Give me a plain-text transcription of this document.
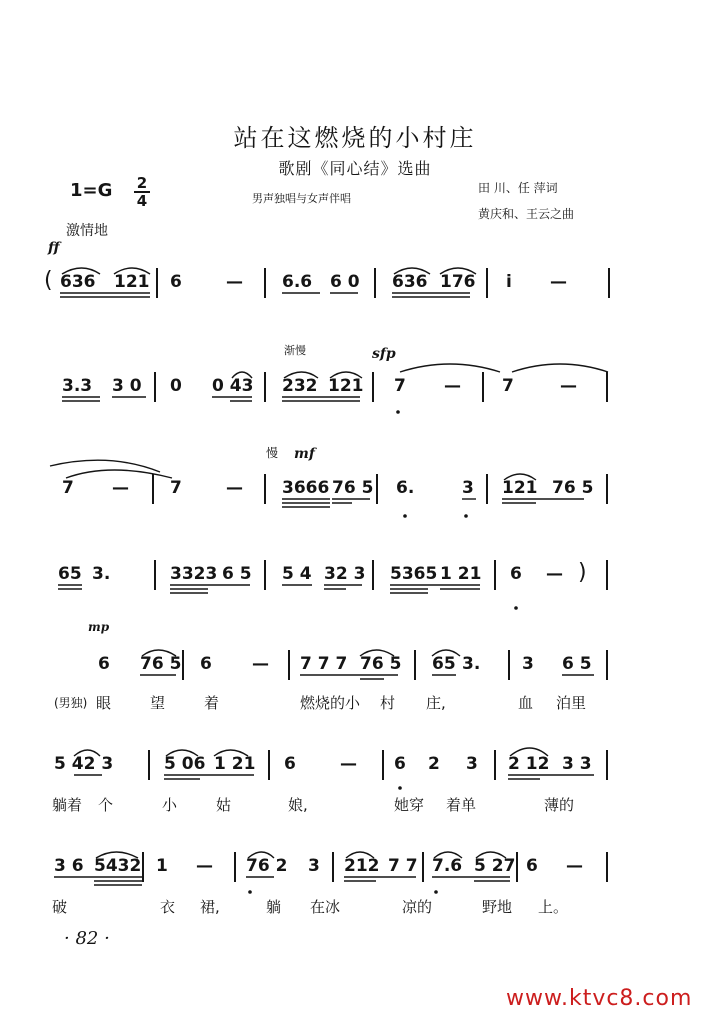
站在这燃烧的小村庄
歌剧《同心结》选曲
1=G 2
4	男声独唱与女声伴唱
田 川、任 萍词
黄庆和、王云之曲
激情地
ff
( 636 121 6	— 6.6 6 0 636 176 i —
渐慢	sfp
3.3 3 0 0 0 43 232 121 7 — 7	—
慢 mf
7 — 7	— 3666 76 5 6.	3 121 76 5
65 3.	3323 6 5 5 4 32 3 5365 1 21 6 — )
mp
6 76 5 6 — 7 7 7 76 5 65 3. 3 6 5
(男独) 眼	望	着	燃烧的小 村 庄,	血 泊里
5 42 3	5 06 1 21 6	— 6 2 3 2 12 3 3
躺着 个	小	姑	娘,	她穿 着单	薄的
3 6 5432 1 — 76 2 3 212 7 7 7.6 5 27 6 —
破	衣 裙,	躺 在冰	凉的	野地 上。
· 82 ·
www.ktvc8.com
